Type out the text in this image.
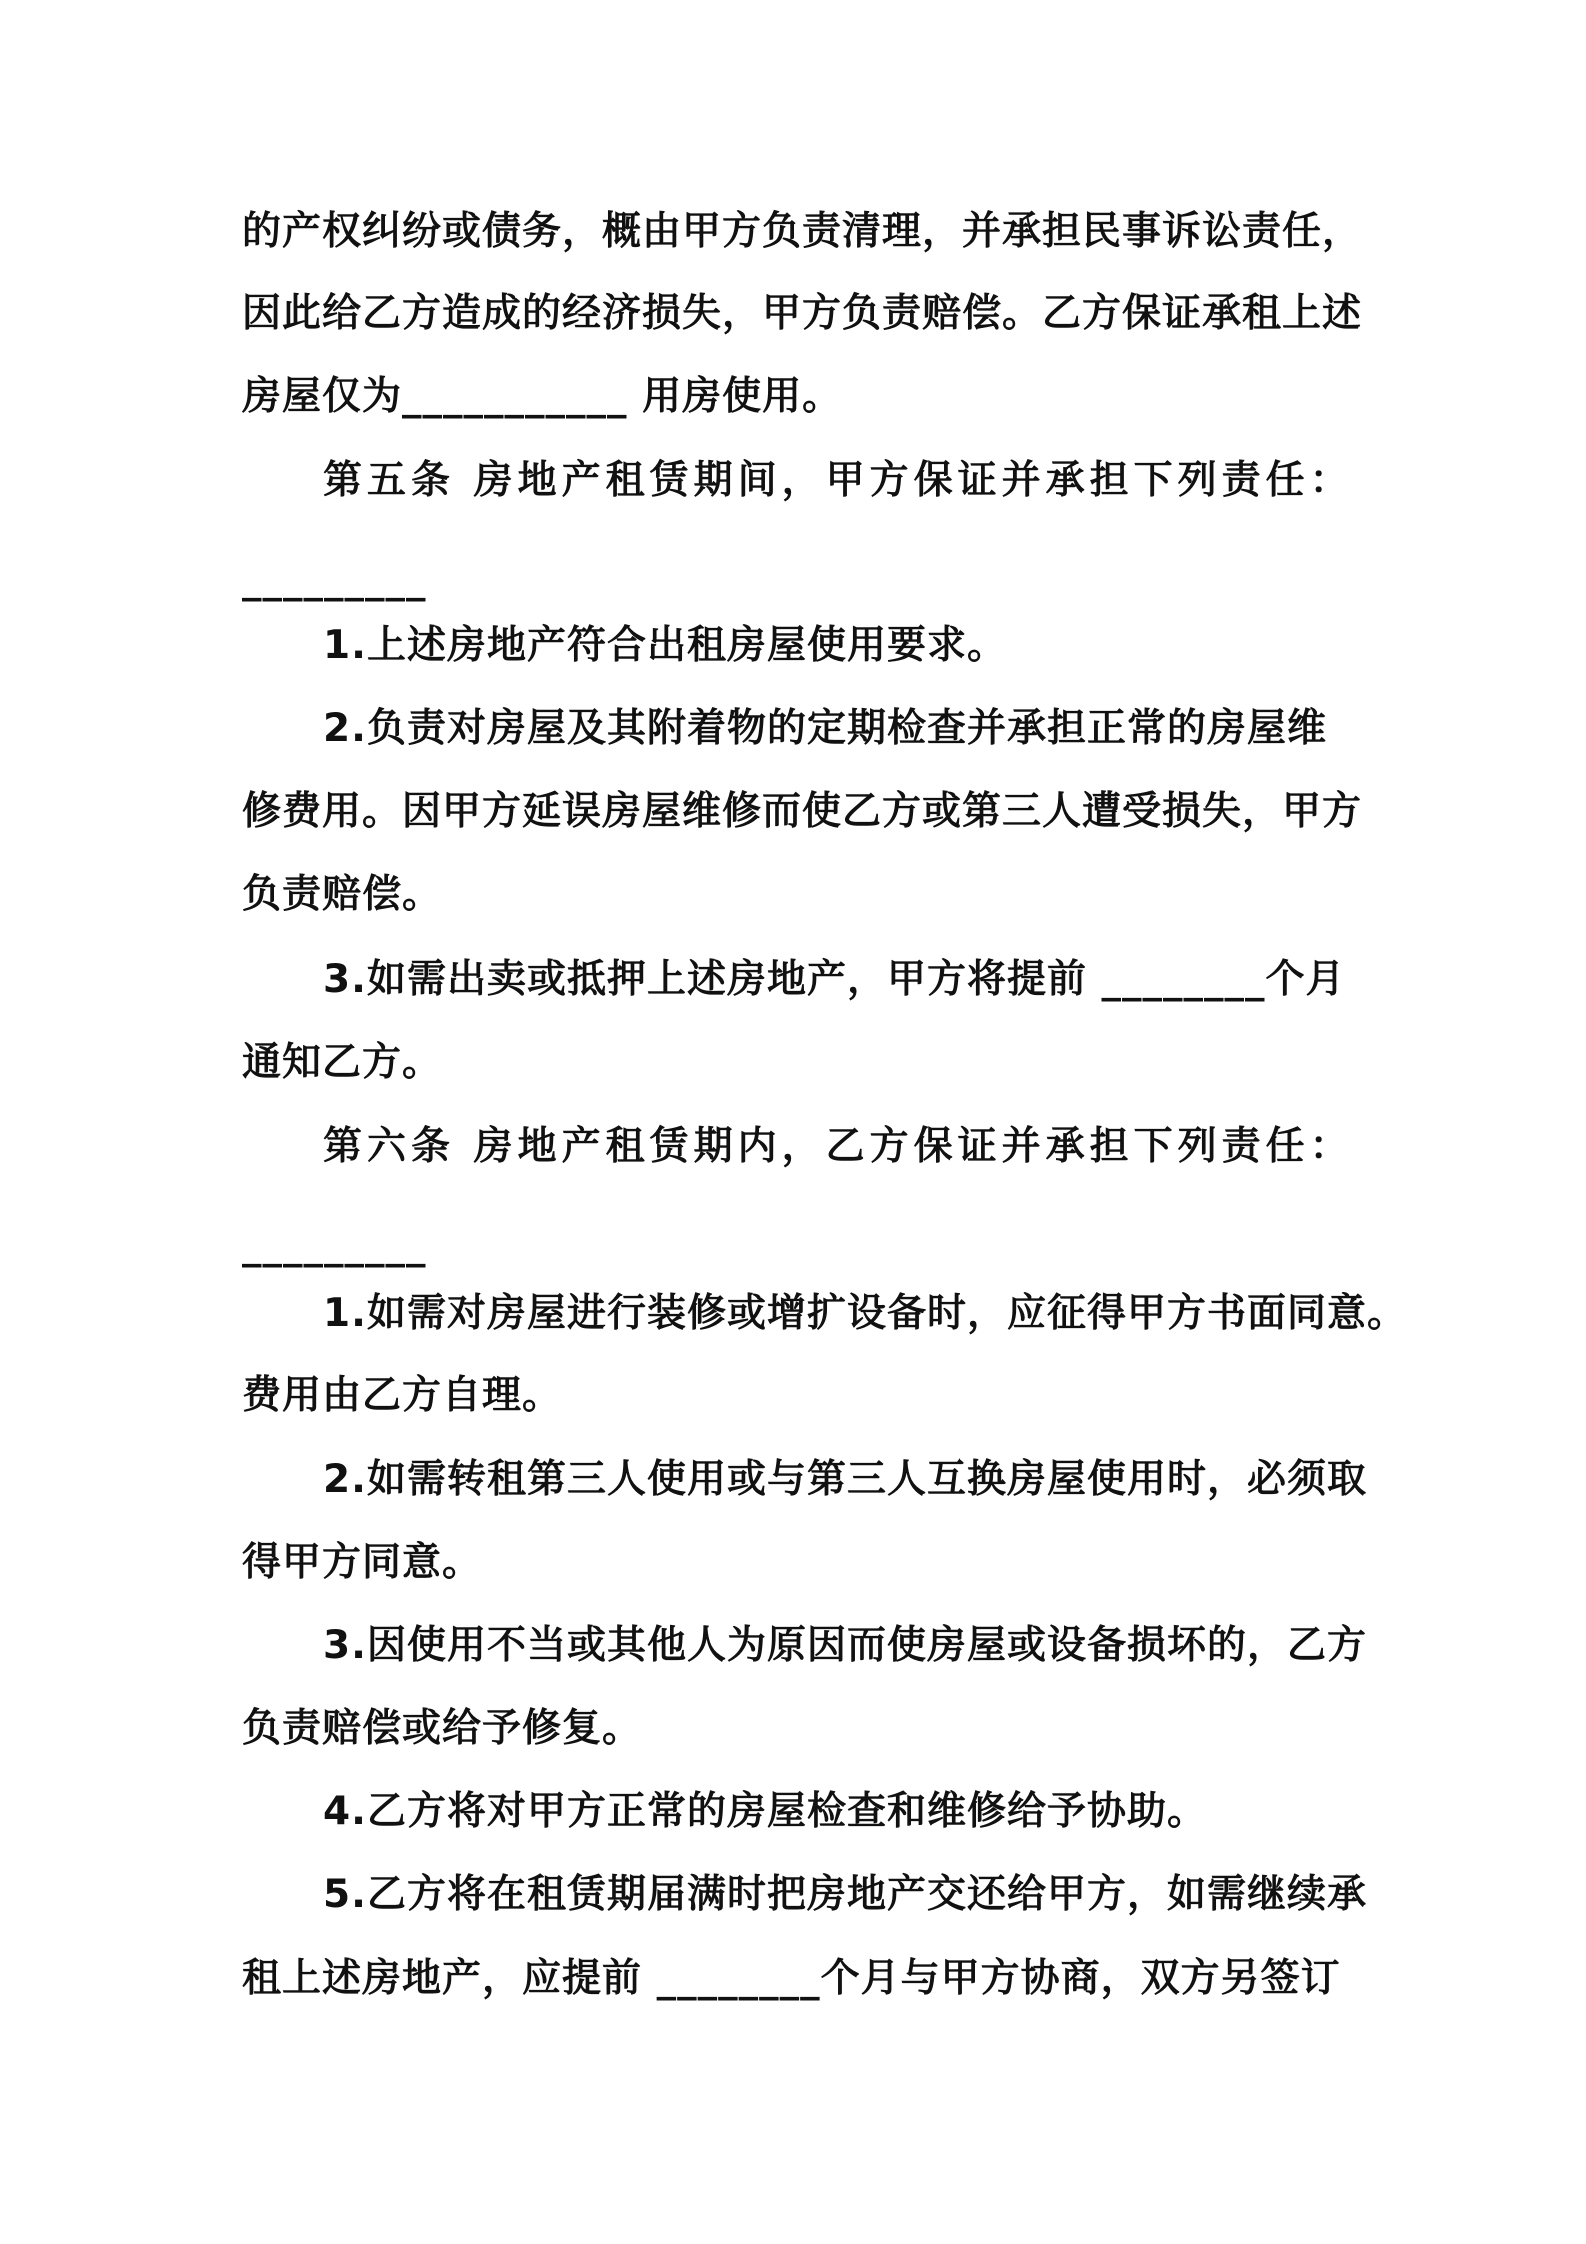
的产权纠纷或债务，概由甲方负责清理，并承担民事诉讼责任，
因此给乙方造成的经济损失，甲方负责赔偿。乙方保证承租上述
房屋仅为___________ 用房使用。
第五条 房地产租赁期间，甲方保证并承担下列责任：
_________
1.上述房地产符合出租房屋使用要求。
2.负责对房屋及其附着物的定期检查并承担正常的房屋维
修费用。因甲方延误房屋维修而使乙方或第三人遭受损失，甲方
负责赔偿。
3.如需出卖或抵押上述房地产，甲方将提前 ________个月
通知乙方。
第六条 房地产租赁期内，乙方保证并承担下列责任：
_________
1.如需对房屋进行装修或增扩设备时，应征得甲方书面同意。
费用由乙方自理。
2.如需转租第三人使用或与第三人互换房屋使用时，必须取
得甲方同意。
3.因使用不当或其他人为原因而使房屋或设备损坏的，乙方
负责赔偿或给予修复。
4.乙方将对甲方正常的房屋检查和维修给予协助。
5.乙方将在租赁期届满时把房地产交还给甲方，如需继续承
租上述房地产，应提前 ________个月与甲方协商，双方另签订
